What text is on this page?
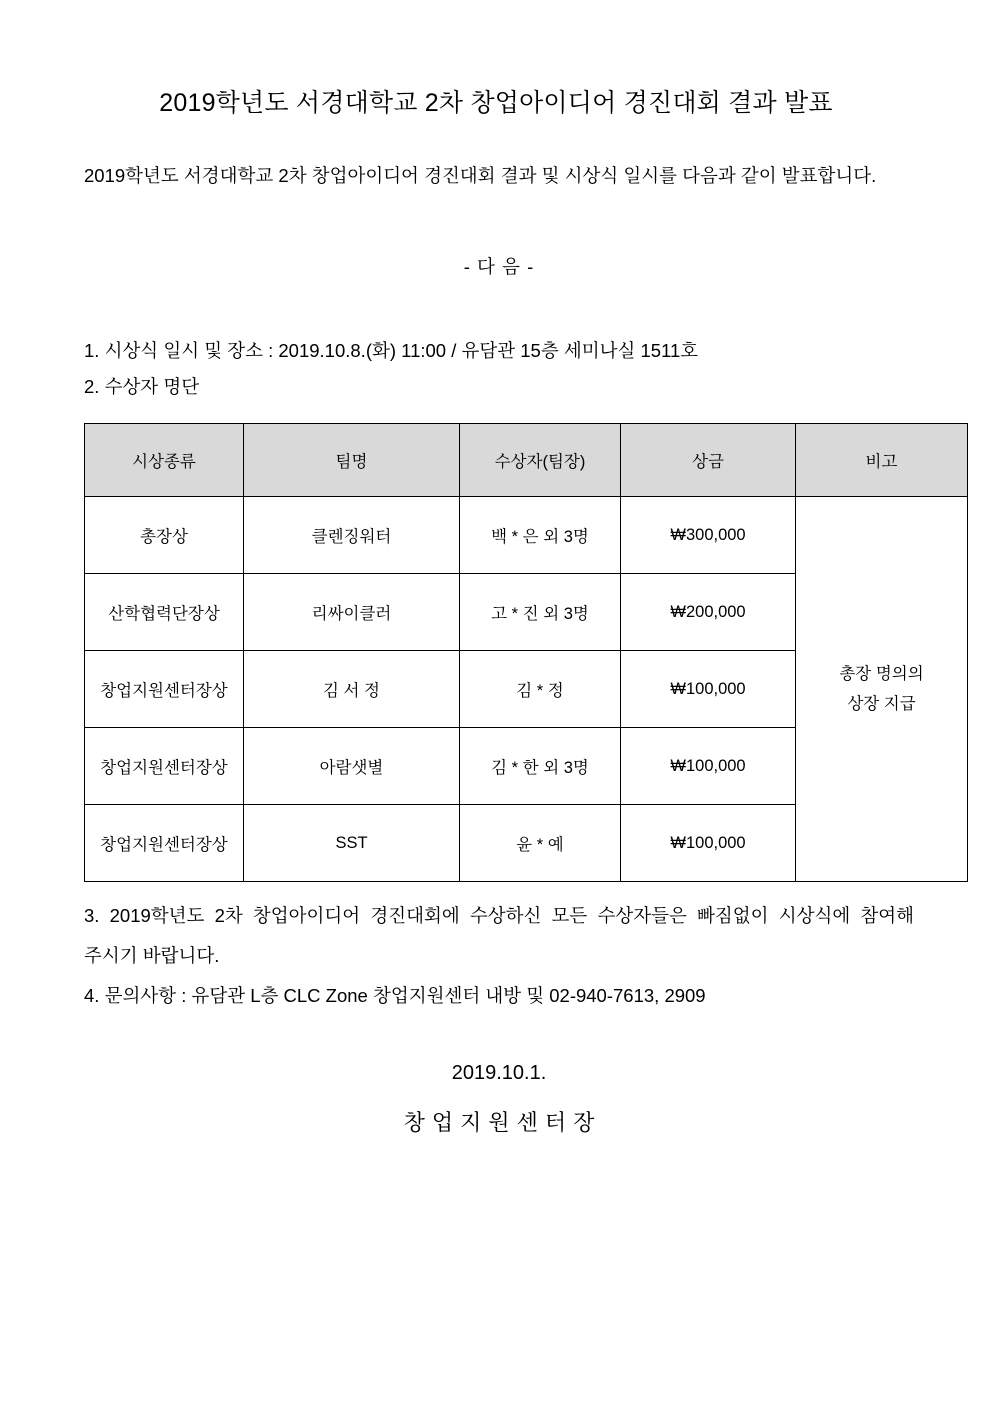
2019학년도 서경대학교 2차 창업아이디어 경진대회 결과 발표

2019학년도 서경대학교 2차 창업아이디어 경진대회 결과 및 시상식 일시를 다음과 같이 발표합니다.

- 다 음 -

1. 시상식 일시 및 장소 : 2019.10.8.(화) 11:00 / 유담관 15층 세미나실 1511호

2. 수상자 명단

시상종류	팀명	수상자(팀장)	상금	비고
총장상	클렌징워터	백 * 은 외 3명	₩300,000	총장 명의의
상장 지급
산학협력단장상	리싸이클러	고 * 진 외 3명	₩200,000	
창업지원센터장상	김 서 정	김 * 정	₩100,000	
창업지원센터장상	아람샛별	김 * 한 외 3명	₩100,000	
창업지원센터장상	SST	윤 * 예	₩100,000	

3. 2019학년도 2차 창업아이디어 경진대회에 수상하신 모든 수상자들은 빠짐없이 시상식에 참여해 주시기 바랍니다.

4. 문의사항 : 유담관 L층 CLC Zone 창업지원센터 내방 및 02-940-7613, 2909

2019.10.1.

창업지원센터장
